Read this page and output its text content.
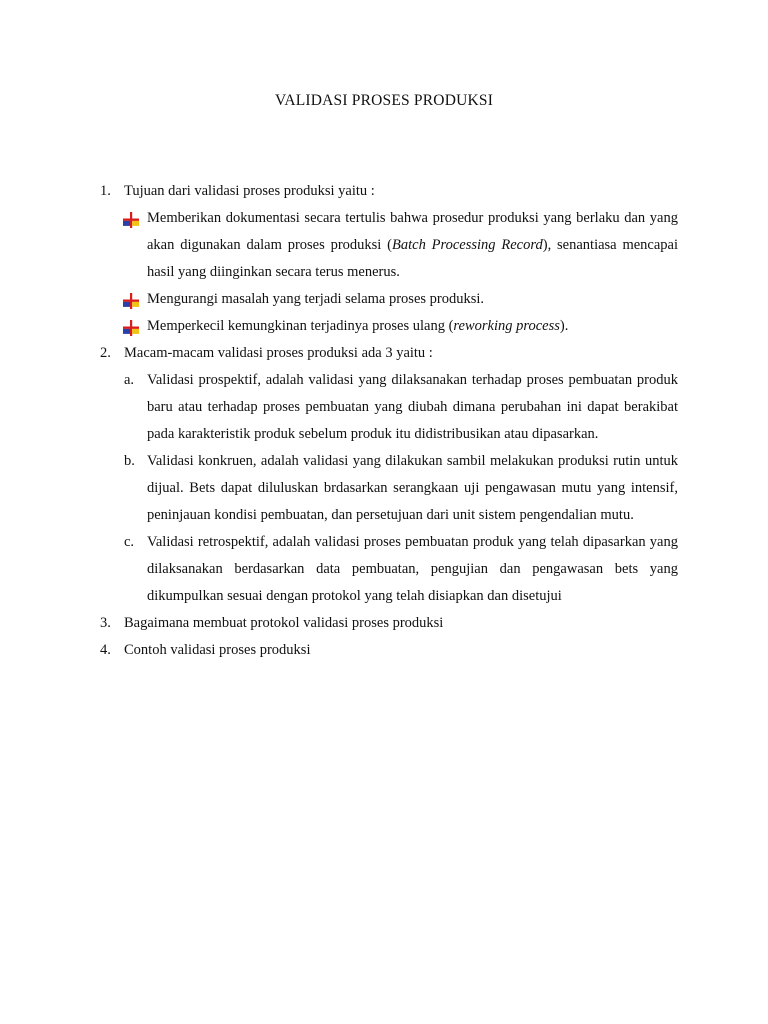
VALIDASI PROSES PRODUKSI
1. Tujuan dari validasi proses produksi yaitu :
Memberikan dokumentasi secara tertulis bahwa prosedur produksi yang berlaku dan yang akan digunakan dalam proses produksi (Batch Processing Record), senantiasa mencapai hasil yang diinginkan secara terus menerus.
Mengurangi masalah yang terjadi selama proses produksi.
Memperkecil kemungkinan terjadinya proses ulang (reworking process).
2. Macam-macam validasi proses produksi ada 3 yaitu :
a. Validasi prospektif, adalah validasi yang dilaksanakan terhadap proses pembuatan produk baru atau terhadap proses pembuatan yang diubah dimana perubahan ini dapat berakibat pada karakteristik produk sebelum produk itu didistribusikan atau dipasarkan.
b. Validasi konkruen, adalah validasi yang dilakukan sambil melakukan produksi rutin untuk dijual. Bets dapat diluluskan brdasarkan serangkaan uji pengawasan mutu yang intensif, peninjauan kondisi pembuatan, dan persetujuan dari unit sistem pengendalian mutu.
c. Validasi retrospektif, adalah validasi proses pembuatan produk yang telah dipasarkan yang dilaksanakan berdasarkan data pembuatan, pengujian dan pengawasan bets yang dikumpulkan sesuai dengan protokol yang telah disiapkan dan disetujui
3. Bagaimana membuat protokol validasi proses produksi
4. Contoh validasi proses produksi
